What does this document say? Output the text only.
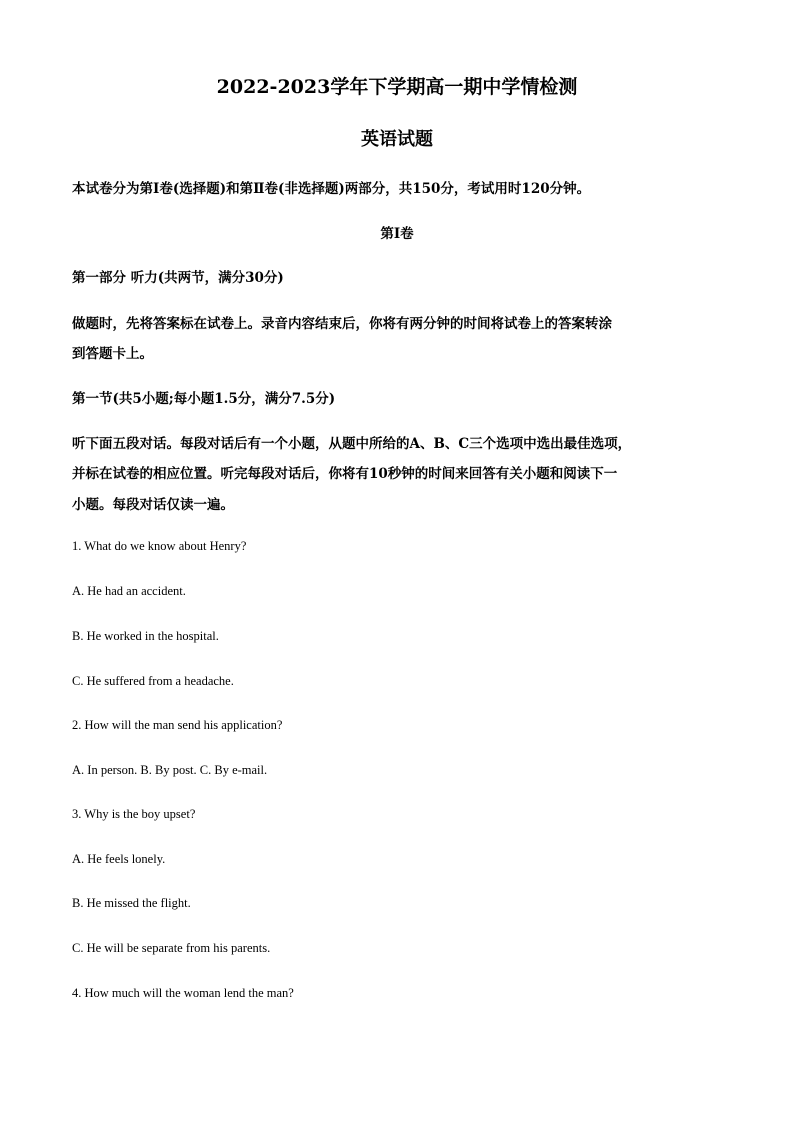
2022-2023学年下学期高一期中学情检测
英语试题
本试卷分为第Ⅰ卷(选择题)和第Ⅱ卷(非选择题)两部分，共150分，考试用时120分钟。
第Ⅰ卷
第一部分 听力(共两节，满分30分)
做题时，先将答案标在试卷上。录音内容结束后，你将有两分钟的时间将试卷上的答案转涂
到答题卡上。
第一节(共5小题;每小题1.5分，满分7.5分)
听下面五段对话。每段对话后有一个小题，从题中所给的A、B、C三个选项中选出最佳选项，
并标在试卷的相应位置。听完每段对话后，你将有10秒钟的时间来回答有关小题和阅读下一
小题。每段对话仅读一遍。
1. What do we know about Henry?
A. He had an accident.
B. He worked in the hospital.
C. He suffered from a headache.
2. How will the man send his application?
A. In person. B. By post. C. By e-mail.
3. Why is the boy upset?
A. He feels lonely.
B. He missed the flight.
C. He will be separate from his parents.
4. How much will the woman lend the man?
